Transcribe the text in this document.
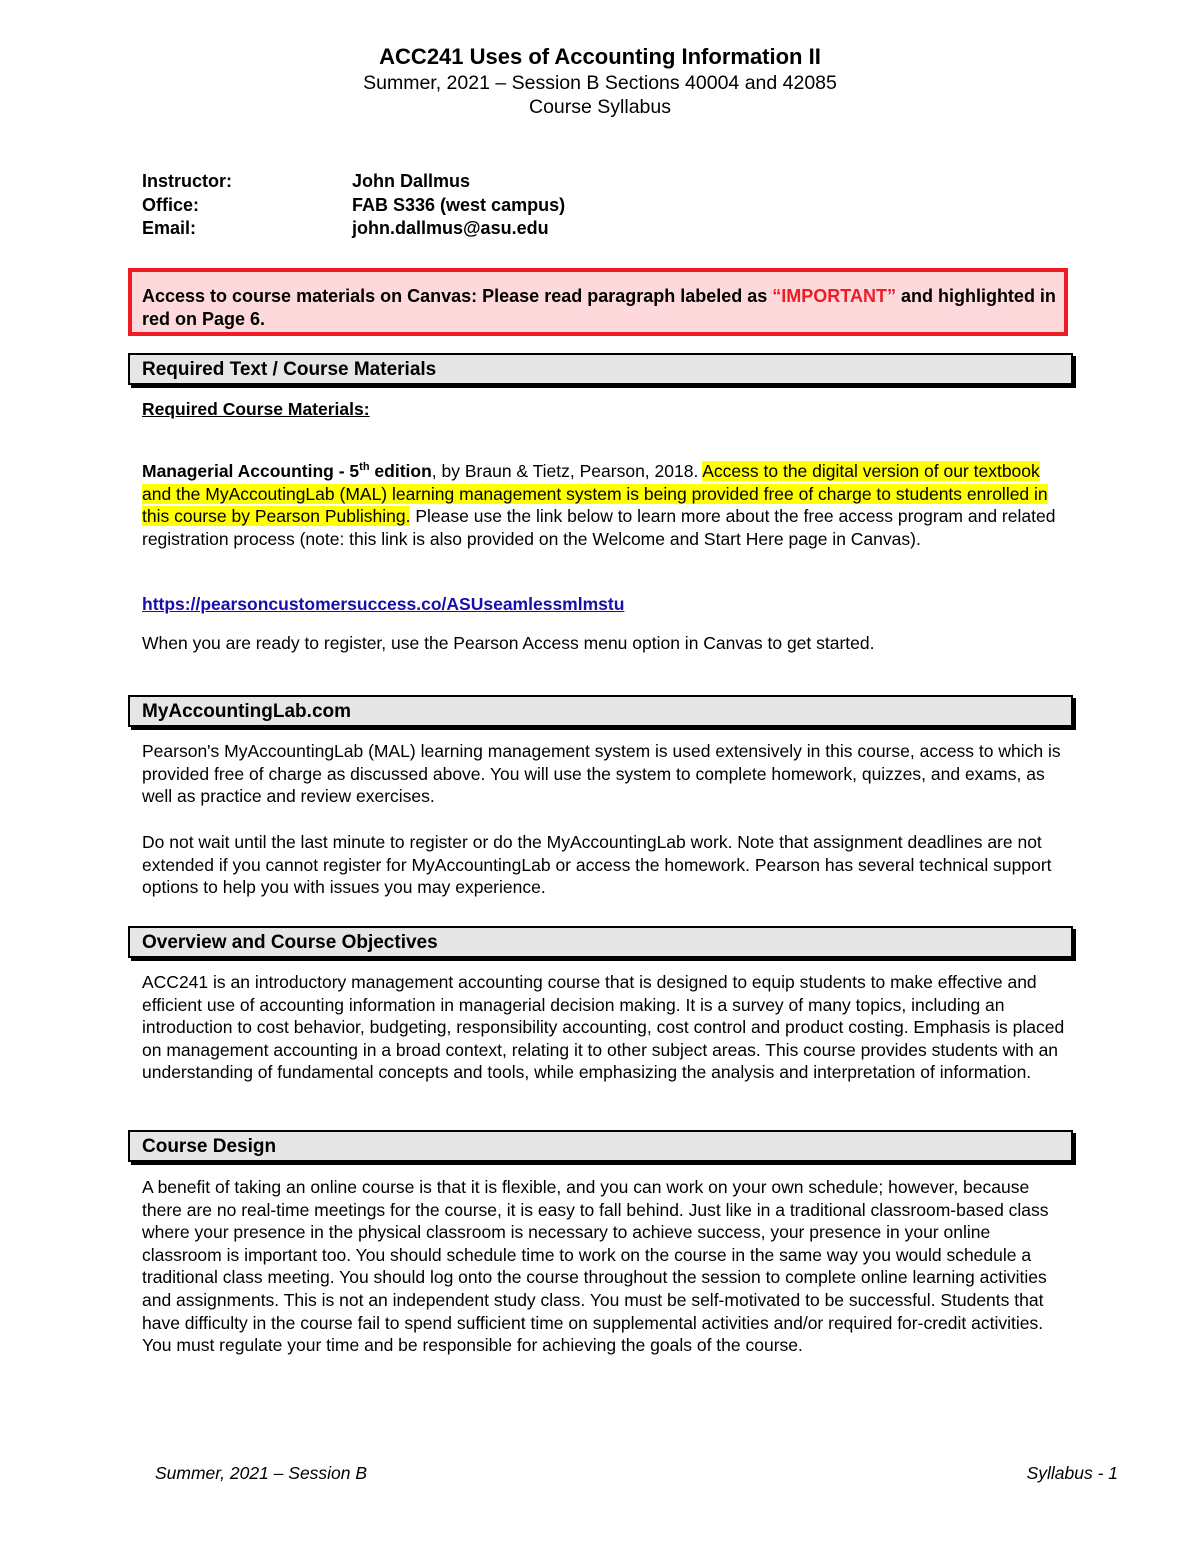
ACC241 Uses of Accounting Information II
Summer, 2021 – Session B Sections 40004 and 42085
Course Syllabus
Instructor:	John Dallmus
Office:	FAB S336 (west campus)
Email:	john.dallmus@asu.edu
Access to course materials on Canvas: Please read paragraph labeled as “IMPORTANT” and highlighted in red on Page 6.
Required Text / Course Materials
Required Course Materials:
Managerial Accounting - 5th edition, by Braun & Tietz, Pearson, 2018. Access to the digital version of our textbook and the MyAccoutingLab (MAL) learning management system is being provided free of charge to students enrolled in this course by Pearson Publishing. Please use the link below to learn more about the free access program and related registration process (note: this link is also provided on the Welcome and Start Here page in Canvas).
https://pearsoncustomersuccess.co/ASUseamlessmlmstu
When you are ready to register, use the Pearson Access menu option in Canvas to get started.
MyAccountingLab.com
Pearson's MyAccountingLab (MAL) learning management system is used extensively in this course, access to which is provided free of charge as discussed above. You will use the system to complete homework, quizzes, and exams, as well as practice and review exercises.
Do not wait until the last minute to register or do the MyAccountingLab work. Note that assignment deadlines are not extended if you cannot register for MyAccountingLab or access the homework. Pearson has several technical support options to help you with issues you may experience.
Overview and Course Objectives
ACC241 is an introductory management accounting course that is designed to equip students to make effective and efficient use of accounting information in managerial decision making. It is a survey of many topics, including an introduction to cost behavior, budgeting, responsibility accounting, cost control and product costing. Emphasis is placed on management accounting in a broad context, relating it to other subject areas. This course provides students with an understanding of fundamental concepts and tools, while emphasizing the analysis and interpretation of information.
Course Design
A benefit of taking an online course is that it is flexible, and you can work on your own schedule; however, because there are no real-time meetings for the course, it is easy to fall behind. Just like in a traditional classroom-based class where your presence in the physical classroom is necessary to achieve success, your presence in your online classroom is important too. You should schedule time to work on the course in the same way you would schedule a traditional class meeting. You should log onto the course throughout the session to complete online learning activities and assignments. This is not an independent study class. You must be self-motivated to be successful. Students that have difficulty in the course fail to spend sufficient time on supplemental activities and/or required for-credit activities. You must regulate your time and be responsible for achieving the goals of the course.
Summer, 2021 – Session B	Syllabus - 1
